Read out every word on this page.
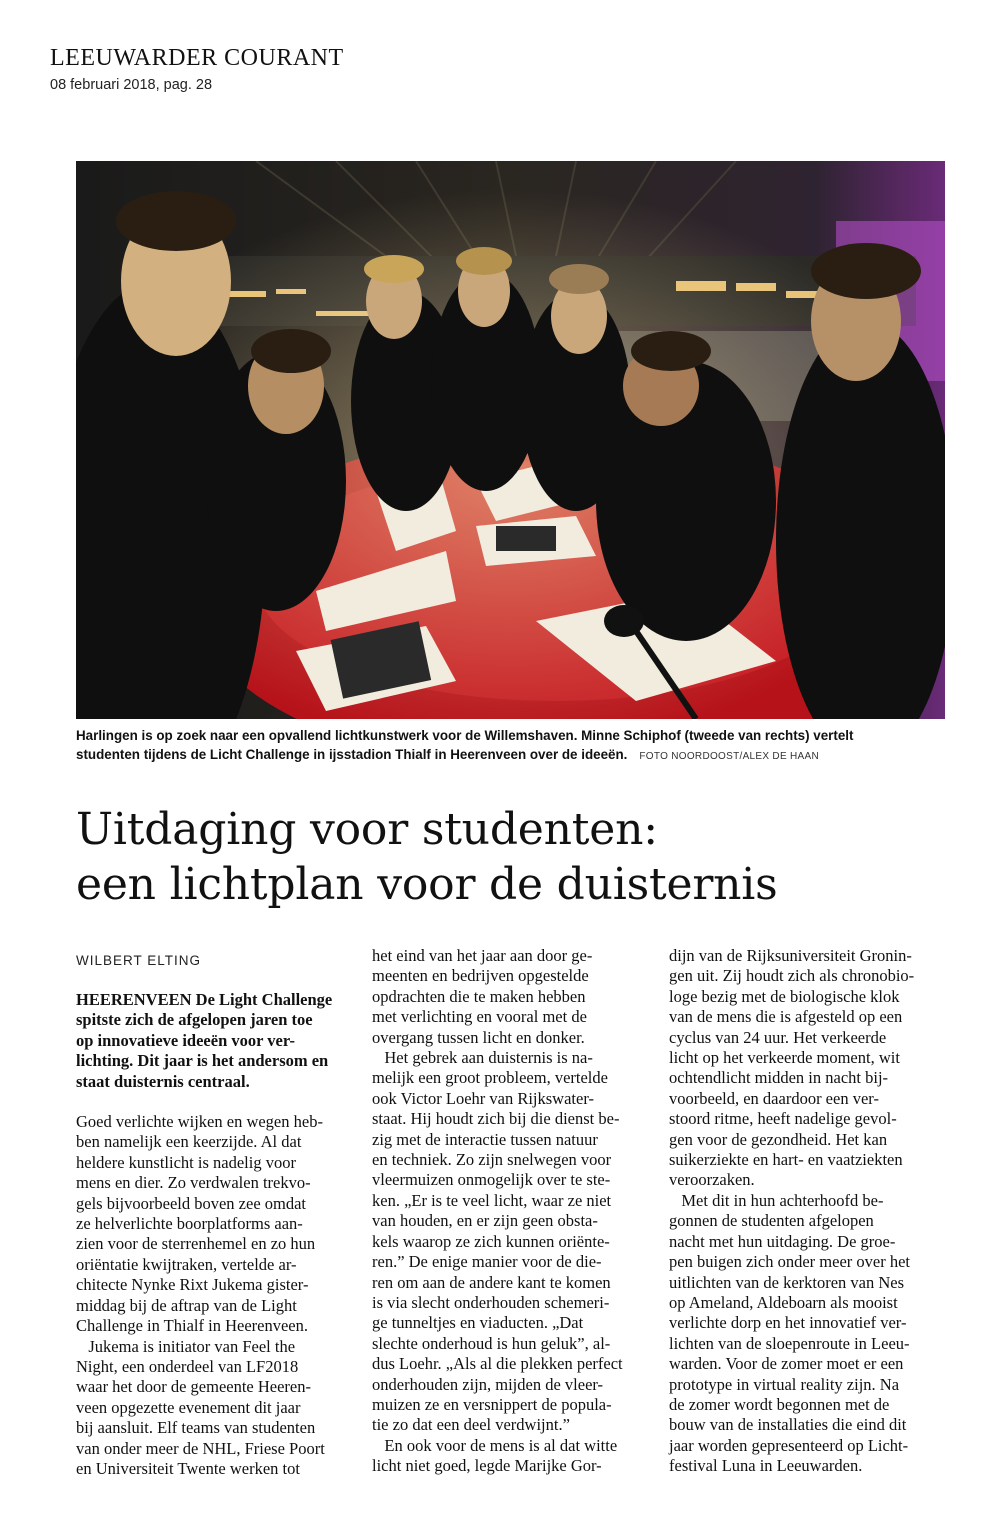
LEEUWARDER COURANT
08 februari 2018, pag. 28
Harlingen is op zoek naar een opvallend lichtkunstwerk voor de Willemshaven. Minne Schiphof (tweede van rechts) vertelt
studenten tijdens de Licht Challenge in ijsstadion Thialf in Heerenveen over de ideeën. FOTO NOORDOOST/ALEX DE HAAN
Uitdaging voor studenten:
een lichtplan voor de duisternis
WILBERT ELTING

HEERENVEEN De Light Challenge

spitste zich de afgelopen jaren toe

op innovatieve ideeën voor ver-

lichting. Dit jaar is het andersom en

staat duisternis centraal.

Goed verlichte wijken en wegen heb-

ben namelijk een keerzijde. Al dat

heldere kunstlicht is nadelig voor

mens en dier. Zo verdwalen trekvo-

gels bijvoorbeeld boven zee omdat

ze helverlichte boorplatforms aan-

zien voor de sterrenhemel en zo hun

oriëntatie kwijtraken, vertelde ar-

chitecte Nynke Rixt Jukema gister-

middag bij de aftrap van de Light

Challenge in Thialf in Heerenveen.

Jukema is initiator van Feel the

Night, een onderdeel van LF2018

waar het door de gemeente Heeren-

veen opgezette evenement dit jaar

bij aansluit. Elf teams van studenten

van onder meer de NHL, Friese Poort

en Universiteit Twente werken tot

het eind van het jaar aan door ge-

meenten en bedrijven opgestelde

opdrachten die te maken hebben

met verlichting en vooral met de

overgang tussen licht en donker.

Het gebrek aan duisternis is na-

melijk een groot probleem, vertelde

ook Victor Loehr van Rijkswater-

staat. Hij houdt zich bij die dienst be-

zig met de interactie tussen natuur

en techniek. Zo zijn snelwegen voor

vleermuizen onmogelijk over te ste-

ken. „Er is te veel licht, waar ze niet

van houden, en er zijn geen obsta-

kels waarop ze zich kunnen oriënte-

ren.” De enige manier voor de die-

ren om aan de andere kant te komen

is via slecht onderhouden schemeri-

ge tunneltjes en viaducten. „Dat

slechte onderhoud is hun geluk”, al-

dus Loehr. „Als al die plekken perfect

onderhouden zijn, mijden de vleer-

muizen ze en versnippert de popula-

tie zo dat een deel verdwijnt.”

En ook voor de mens is al dat witte

licht niet goed, legde Marijke Gor-

dijn van de Rijksuniversiteit Gronin-

gen uit. Zij houdt zich als chronobio-

loge bezig met de biologische klok

van de mens die is afgesteld op een

cyclus van 24 uur. Het verkeerde

licht op het verkeerde moment, wit

ochtendlicht midden in nacht bij-

voorbeeld, en daardoor een ver-

stoord ritme, heeft nadelige gevol-

gen voor de gezondheid. Het kan

suikerziekte en hart- en vaatziekten

veroorzaken.

Met dit in hun achterhoofd be-

gonnen de studenten afgelopen

nacht met hun uitdaging. De groe-

pen buigen zich onder meer over het

uitlichten van de kerktoren van Nes

op Ameland, Aldeboarn als mooist

verlichte dorp en het innovatief ver-

lichten van de sloepenroute in Leeu-

warden. Voor de zomer moet er een

prototype in virtual reality zijn. Na

de zomer wordt begonnen met de

bouw van de installaties die eind dit

jaar worden gepresenteerd op Licht-

festival Luna in Leeuwarden.
